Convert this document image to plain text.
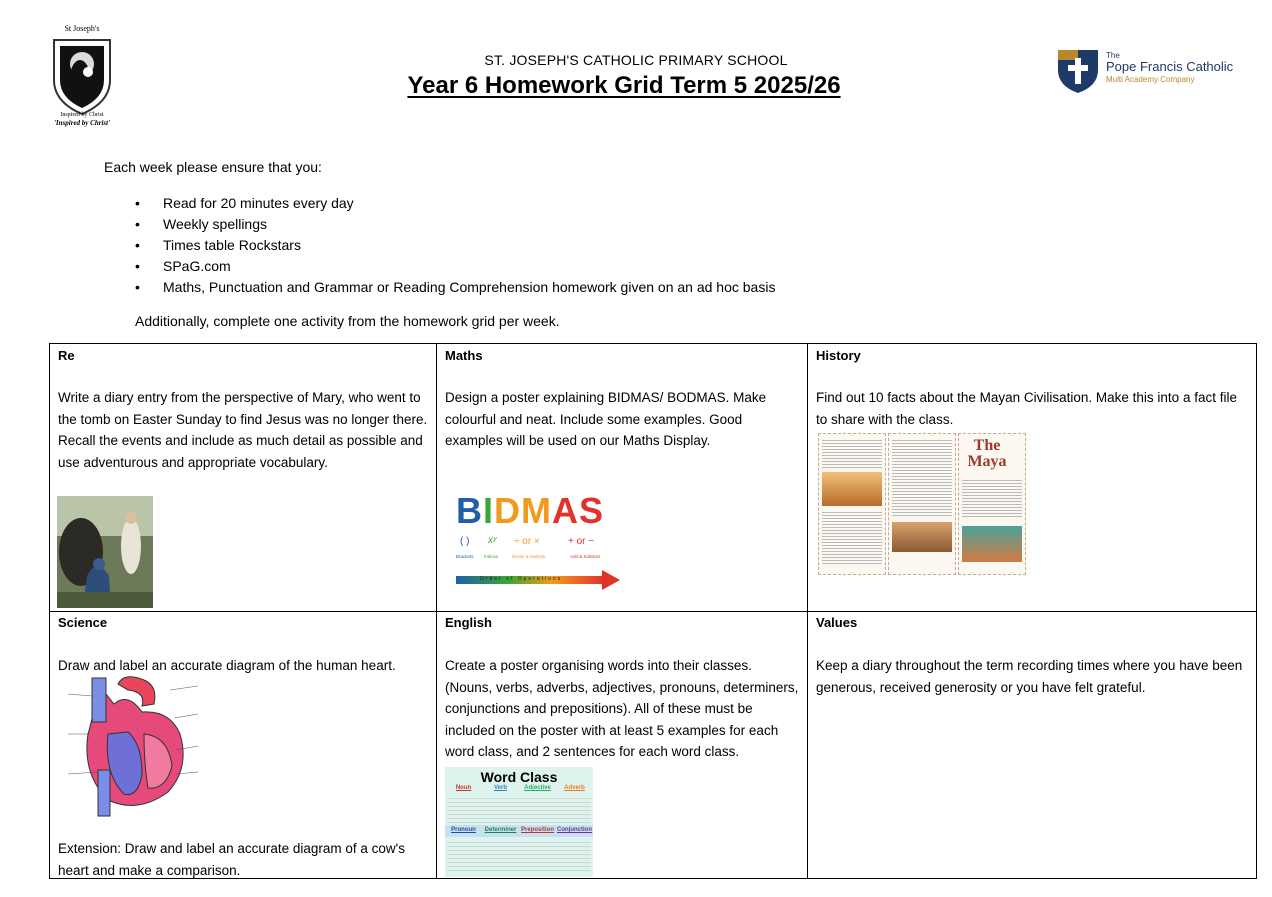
St Joseph's
Inspired by Christ
'Inspired by Christ'
ST. JOSEPH'S CATHOLIC PRIMARY SCHOOL
Year 6 Homework Grid Term 5 2025/26
The
Pope Francis Catholic
Multi Academy Company
Each week please ensure that you:
• Read for 20 minutes every day
• Weekly spellings
• Times table Rockstars
• SPaG.com
• Maths, Punctuation and Grammar or Reading Comprehension homework given on an ad hoc basis
Additionally, complete one activity from the homework grid per week.
Re
Write a diary entry from the perspective of Mary, who went to the tomb on Easter Sunday to find Jesus was no longer there. Recall the events and include as much detail as possible and use adventurous and appropriate vocabulary.
Maths
Design a poster explaining BIDMAS/ BODMAS. Make colourful and neat. Include some examples. Good examples will be used on our Maths Display.
BIDMAS
( ) xʸ ÷ or ×	+ or −
Brackets Indices	Divide & Multiply	Add & Subtract
Order of Operations
History
Find out 10 facts about the Mayan Civilisation. Make this into a fact file to share with the class.
The Maya
Science
Draw and label an accurate diagram of the human heart.
Extension: Draw and label an accurate diagram of a cow's heart and make a comparison.
English
Create a poster organising words into their classes. (Nouns, verbs, adverbs, adjectives, pronouns, determiners, conjunctions and prepositions). All of these must be included on the poster with at least 5 examples for each word class, and 2 sentences for each word class.
Word Class
Noun	Verb	Adjective	Adverb
Pronoun	Determiner Preposition Conjunction
Values
Keep a diary throughout the term recording times where you have been generous, received generosity or you have felt grateful.
